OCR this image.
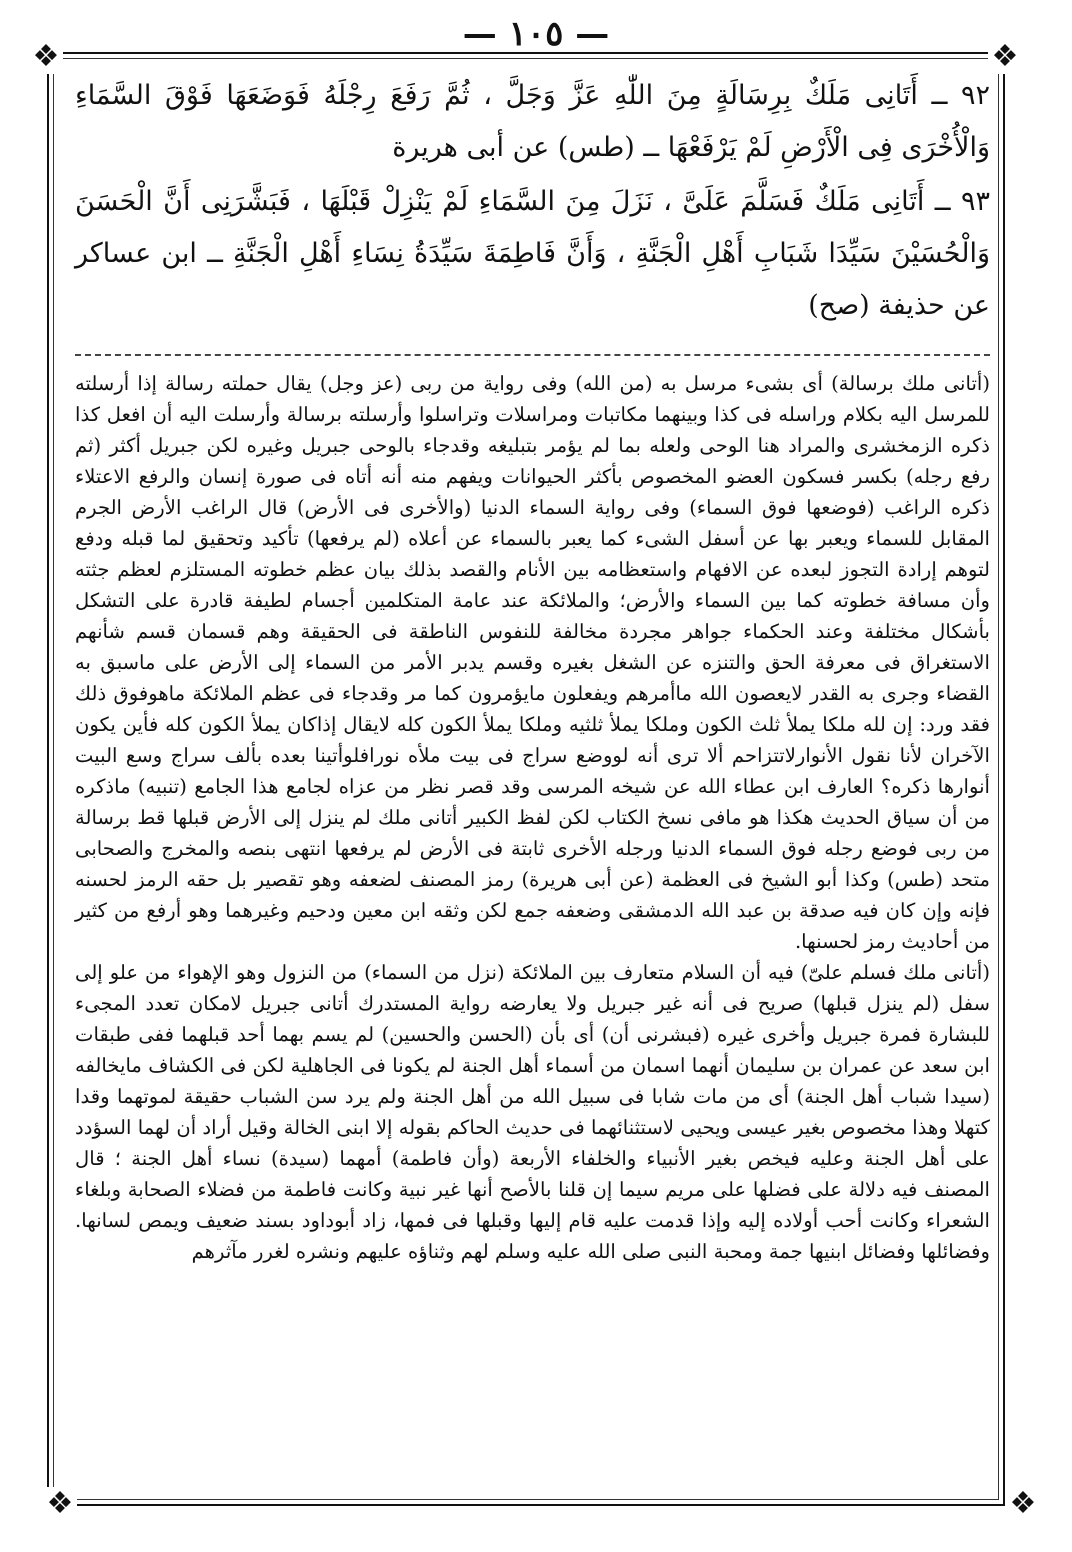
— ١٠٥ —
❖	❖
❖	❖
٩٢ ــ أَتَانِى مَلَكٌ بِرِسَالَةٍ مِنَ اللّٰهِ عَزَّ وَجَلَّ ، ثُمَّ رَفَعَ رِجْلَهُ فَوَضَعَهَا فَوْقَ السَّمَاءِ وَالْأُخْرَى فِى الْأَرْضِ لَمْ يَرْفَعْهَا ــ (طس) عن أبى هريرة
٩٣ ــ أَتَانِى مَلَكٌ فَسَلَّمَ عَلَىَّ ، نَزَلَ مِنَ السَّمَاءِ لَمْ يَنْزِلْ قَبْلَهَا ، فَبَشَّرَنِى أَنَّ الْحَسَنَ وَالْحُسَيْنَ سَيِّدَا شَبَابِ أَهْلِ الْجَنَّةِ ، وَأَنَّ فَاطِمَةَ سَيِّدَةُ نِسَاءِ أَهْلِ الْجَنَّةِ ــ ابن عساكر عن حذيفة (صح)

(أتانى ملك برسالة) أى بشىء مرسل به (من الله) وفى رواية من ربى (عز وجل) يقال حملته رسالة إذا أرسلته للمرسل اليه بكلام وراسله فى كذا وبينهما مكاتبات ومراسلات وتراسلوا وأرسلته برسالة وأرسلت اليه أن افعل كذا ذكره الزمخشرى والمراد هنا الوحى ولعله بما لم يؤمر بتبليغه وقدجاء بالوحى جبريل وغيره لكن جبريل أكثر (ثم رفع رجله) بكسر فسكون العضو المخصوص بأكثر الحيوانات ويفهم منه أنه أتاه فى صورة إنسان والرفع الاعتلاء ذكره الراغب (فوضعها فوق السماء) وفى رواية السماء الدنيا (والأخرى فى الأرض) قال الراغب الأرض الجرم المقابل للسماء ويعبر بها عن أسفل الشىء كما يعبر بالسماء عن أعلاه (لم يرفعها) تأكيد وتحقيق لما قبله ودفع لتوهم إرادة التجوز لبعده عن الافهام واستعظامه بين الأنام والقصد بذلك بيان عظم خطوته المستلزم لعظم جثته وأن مسافة خطوته كما بين السماء والأرض؛ والملائكة عند عامة المتكلمين أجسام لطيفة قادرة على التشكل بأشكال مختلفة وعند الحكماء جواهر مجردة مخالفة للنفوس الناطقة فى الحقيقة وهم قسمان قسم شأنهم الاستغراق فى معرفة الحق والتنزه عن الشغل بغيره وقسم يدبر الأمر من السماء إلى الأرض على ماسبق به القضاء وجرى به القدر لايعصون الله ماأمرهم ويفعلون مايؤمرون كما مر وقدجاء فى عظم الملائكة ماهوفوق ذلك فقد ورد: إن لله ملكا يملأ ثلث الكون وملكا يملأ ثلثيه وملكا يملأ الكون كله لايقال إذاكان يملأ الكون كله فأين يكون الآخران لأنا نقول الأنوارلاتتزاحم ألا ترى أنه لووضع سراج فى بيت ملأه نورافلوأتينا بعده بألف سراج وسع البيت أنوارها ذكره؟ العارف ابن عطاء الله عن شيخه المرسى وقد قصر نظر من عزاه لجامع هذا الجامع (تنبيه) ماذكره من أن سياق الحديث هكذا هو مافى نسخ الكتاب لكن لفظ الكبير أتانى ملك لم ينزل إلى الأرض قبلها قط برسالة من ربى فوضع رجله فوق السماء الدنيا ورجله الأخرى ثابتة فى الأرض لم يرفعها انتهى بنصه والمخرج والصحابى متحد (طس) وكذا أبو الشيخ فى العظمة (عن أبى هريرة) رمز المصنف لضعفه وهو تقصير بل حقه الرمز لحسنه فإنه وإن كان فيه صدقة بن عبد الله الدمشقى وضعفه جمع لكن وثقه ابن معين ودحيم وغيرهما وهو أرفع من كثير من أحاديث رمز لحسنها.

(أتانى ملك فسلم علىّ) فيه أن السلام متعارف بين الملائكة (نزل من السماء) من النزول وهو الإهواء من علو إلى سفل (لم ينزل قبلها) صريح فى أنه غير جبريل ولا يعارضه رواية المستدرك أتانى جبريل لامكان تعدد المجىء للبشارة فمرة جبريل وأخرى غيره (فبشرنى أن) أى بأن (الحسن والحسين) لم يسم بهما أحد قبلهما ففى طبقات ابن سعد عن عمران بن سليمان أنهما اسمان من أسماء أهل الجنة لم يكونا فى الجاهلية لكن فى الكشاف مايخالفه (سيدا شباب أهل الجنة) أى من مات شابا فى سبيل الله من أهل الجنة ولم يرد سن الشباب حقيقة لموتهما وقدا كتهلا وهذا مخصوص بغير عيسى ويحيى لاستثنائهما فى حديث الحاكم بقوله إلا ابنى الخالة وقيل أراد أن لهما السؤدد على أهل الجنة وعليه فيخص بغير الأنبياء والخلفاء الأربعة (وأن فاطمة) أمهما (سيدة) نساء أهل الجنة ؛ قال المصنف فيه دلالة على فضلها على مريم سيما إن قلنا بالأصح أنها غير نبية وكانت فاطمة من فضلاء الصحابة وبلغاء الشعراء وكانت أحب أولاده إليه وإذا قدمت عليه قام إليها وقبلها فى فمها، زاد أبوداود بسند ضعيف ويمص لسانها. وفضائلها وفضائل ابنيها جمة ومحبة النبى صلى الله عليه وسلم لهم وثناؤه عليهم ونشره لغرر مآثرهم
